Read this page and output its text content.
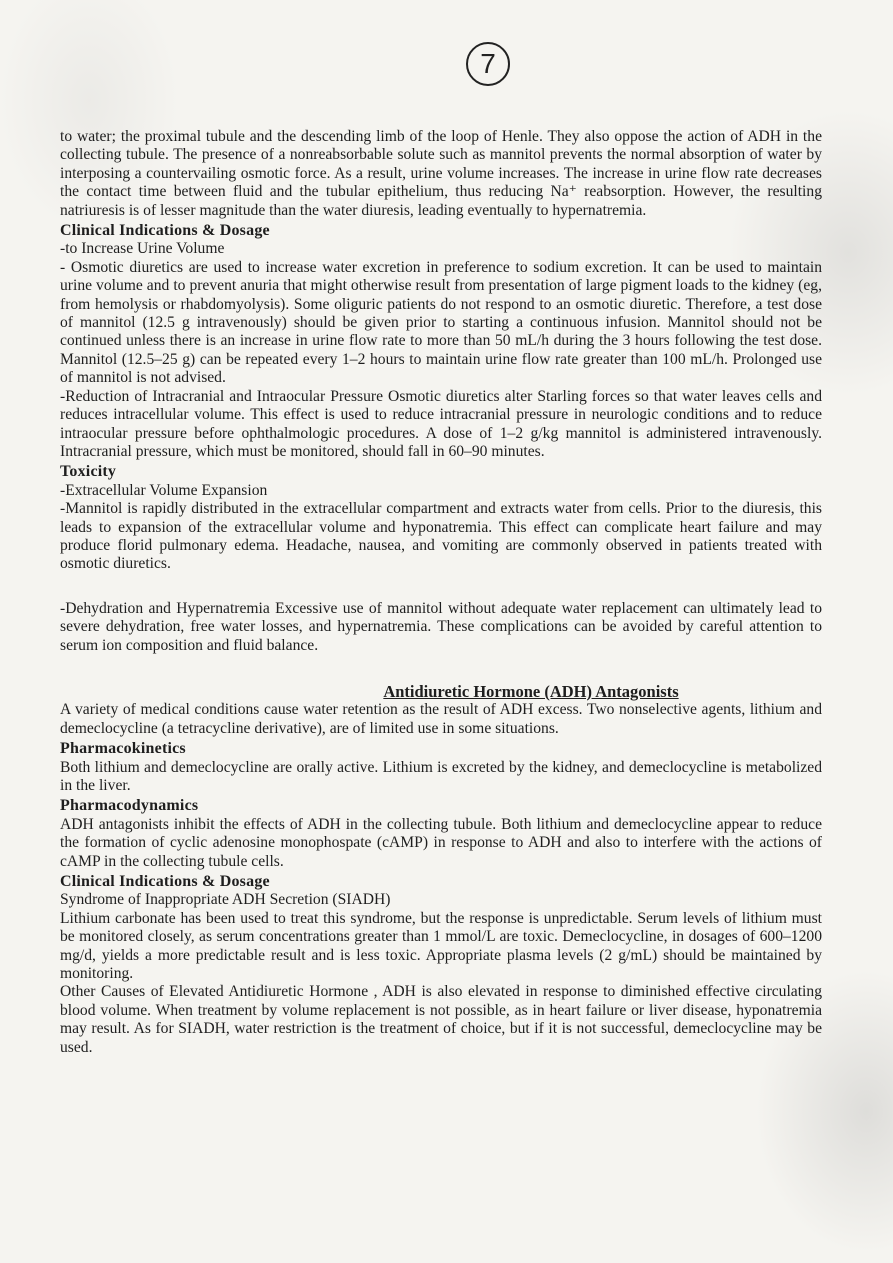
7

to water; the proximal tubule and the descending limb of the loop of Henle. They also oppose the action of ADH in the collecting tubule. The presence of a nonreabsorbable solute such as mannitol prevents the normal absorption of water by interposing a countervailing osmotic force. As a result, urine volume increases. The increase in urine flow rate decreases the contact time between fluid and the tubular epithelium, thus reducing Na⁺ reabsorption. However, the resulting natriuresis is of lesser magnitude than the water diuresis, leading eventually to hypernatremia.

Clinical Indications & Dosage

-to Increase Urine Volume

- Osmotic diuretics are used to increase water excretion in preference to sodium excretion. It can be used to maintain urine volume and to prevent anuria that might otherwise result from presentation of large pigment loads to the kidney (eg, from hemolysis or rhabdomyolysis). Some oliguric patients do not respond to an osmotic diuretic. Therefore, a test dose of mannitol (12.5 g intravenously) should be given prior to starting a continuous infusion. Mannitol should not be continued unless there is an increase in urine flow rate to more than 50 mL/h during the 3 hours following the test dose. Mannitol (12.5–25 g) can be repeated every 1–2 hours to maintain urine flow rate greater than 100 mL/h. Prolonged use of mannitol is not advised.

-Reduction of Intracranial and Intraocular Pressure Osmotic diuretics alter Starling forces so that water leaves cells and reduces intracellular volume. This effect is used to reduce intracranial pressure in neurologic conditions and to reduce intraocular pressure before ophthalmologic procedures. A dose of 1–2 g/kg mannitol is administered intravenously. Intracranial pressure, which must be monitored, should fall in 60–90 minutes.

Toxicity

-Extracellular Volume Expansion

-Mannitol is rapidly distributed in the extracellular compartment and extracts water from cells. Prior to the diuresis, this leads to expansion of the extracellular volume and hyponatremia. This effect can complicate heart failure and may produce florid pulmonary edema. Headache, nausea, and vomiting are commonly observed in patients treated with osmotic diuretics.

-Dehydration and Hypernatremia Excessive use of mannitol without adequate water replacement can ultimately lead to severe dehydration, free water losses, and hypernatremia. These complications can be avoided by careful attention to serum ion composition and fluid balance.

Antidiuretic Hormone (ADH) Antagonists

A variety of medical conditions cause water retention as the result of ADH excess. Two nonselective agents, lithium and demeclocycline (a tetracycline derivative), are of limited use in some situations.

Pharmacokinetics

Both lithium and demeclocycline are orally active. Lithium is excreted by the kidney, and demeclocycline is metabolized in the liver.

Pharmacodynamics

ADH antagonists inhibit the effects of ADH in the collecting tubule. Both lithium and demeclocycline appear to reduce the formation of cyclic adenosine monophospate (cAMP) in response to ADH and also to interfere with the actions of cAMP in the collecting tubule cells.

Clinical Indications & Dosage

Syndrome of Inappropriate ADH Secretion (SIADH)

Lithium carbonate has been used to treat this syndrome, but the response is unpredictable. Serum levels of lithium must be monitored closely, as serum concentrations greater than 1 mmol/L are toxic. Demeclocycline, in dosages of 600–1200 mg/d, yields a more predictable result and is less toxic. Appropriate plasma levels (2 g/mL) should be maintained by monitoring.

Other Causes of Elevated Antidiuretic Hormone , ADH is also elevated in response to diminished effective circulating blood volume. When treatment by volume replacement is not possible, as in heart failure or liver disease, hyponatremia may result. As for SIADH, water restriction is the treatment of choice, but if it is not successful, demeclocycline may be used.
